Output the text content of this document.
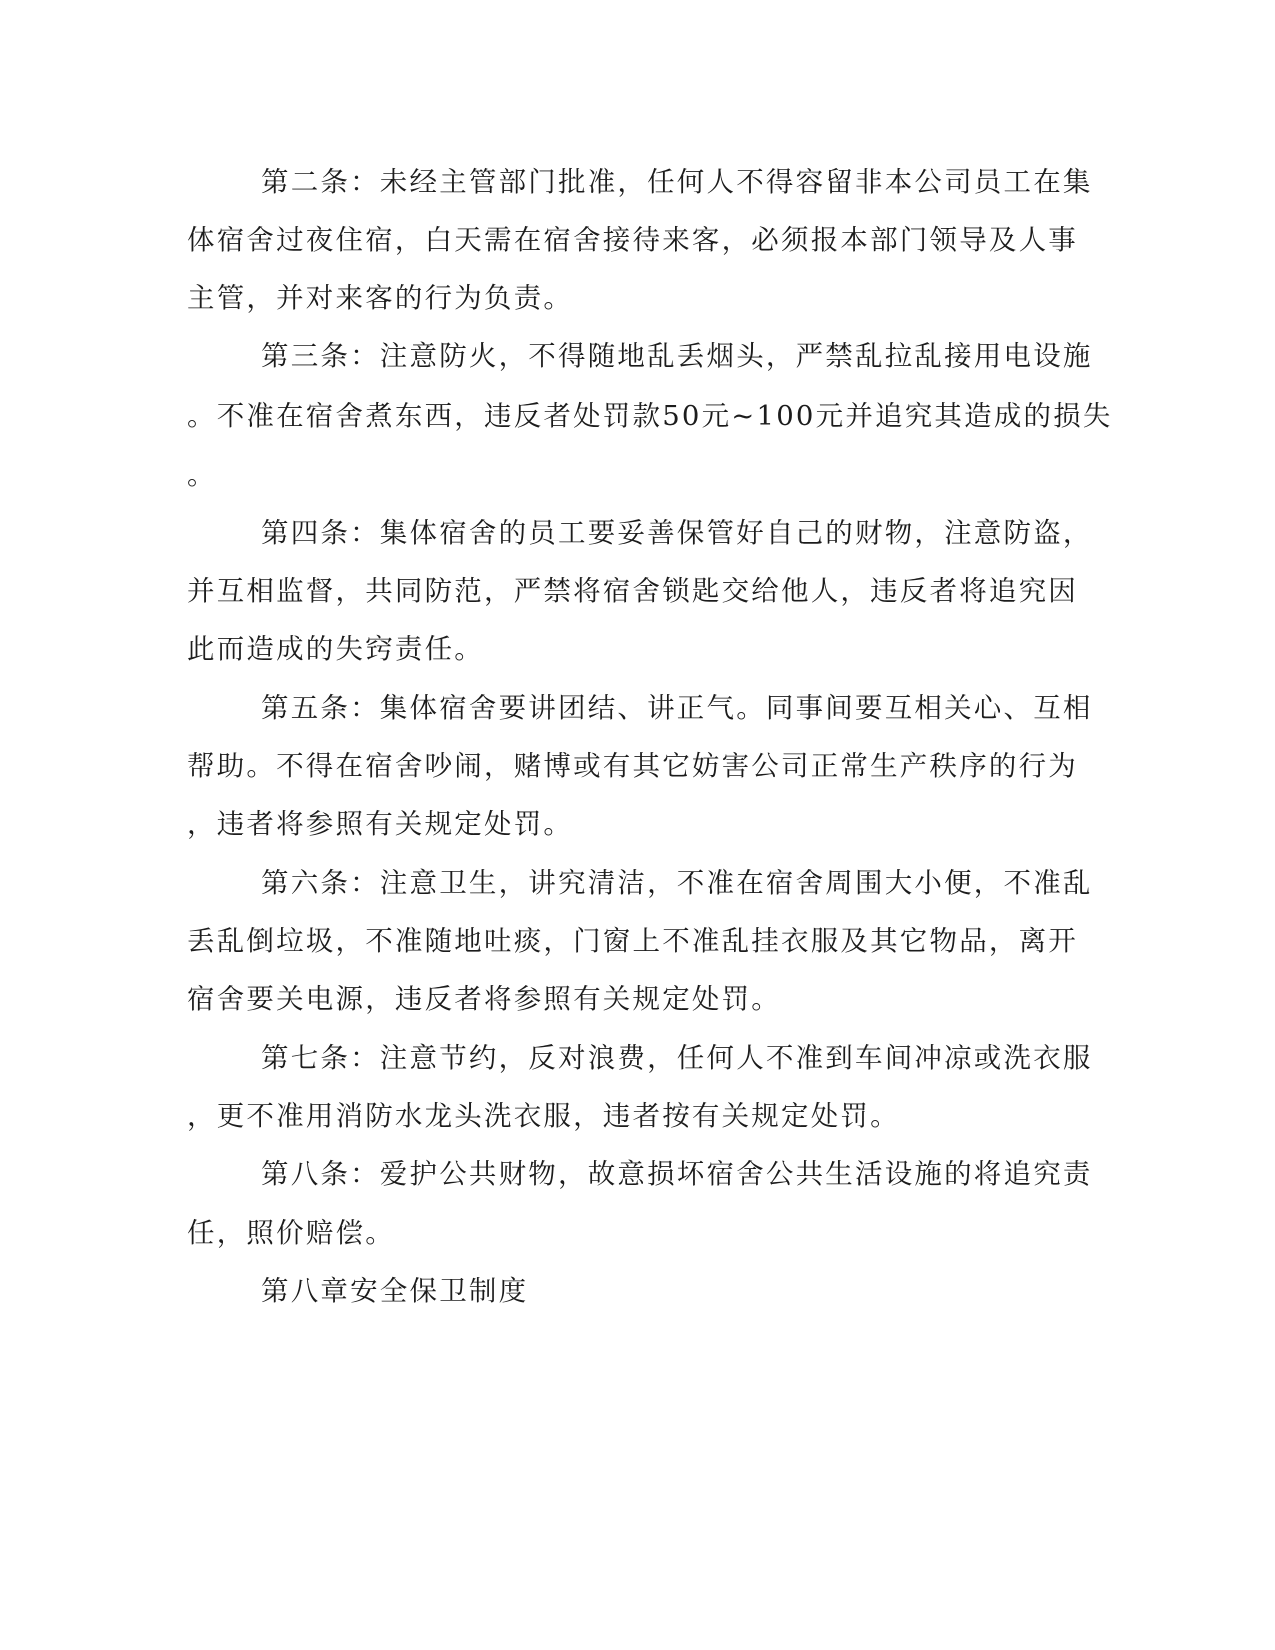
第二条：未经主管部门批准，任何人不得容留非本公司员工在集
体宿舍过夜住宿，白天需在宿舍接待来客，必须报本部门领导及人事
主管，并对来客的行为负责。
第三条：注意防火，不得随地乱丢烟头，严禁乱拉乱接用电设施
。不准在宿舍煮东西，违反者处罚款50元~100元并追究其造成的损失
。
第四条：集体宿舍的员工要妥善保管好自己的财物，注意防盗，
并互相监督，共同防范，严禁将宿舍锁匙交给他人，违反者将追究因
此而造成的失窍责任。
第五条：集体宿舍要讲团结、讲正气。同事间要互相关心、互相
帮助。不得在宿舍吵闹，赌博或有其它妨害公司正常生产秩序的行为
，违者将参照有关规定处罚。
第六条：注意卫生，讲究清洁，不准在宿舍周围大小便，不准乱
丢乱倒垃圾，不准随地吐痰，门窗上不准乱挂衣服及其它物品，离开
宿舍要关电源，违反者将参照有关规定处罚。
第七条：注意节约，反对浪费，任何人不准到车间冲凉或洗衣服
，更不准用消防水龙头洗衣服，违者按有关规定处罚。
第八条：爱护公共财物，故意损坏宿舍公共生活设施的将追究责
任，照价赔偿。
第八章安全保卫制度
